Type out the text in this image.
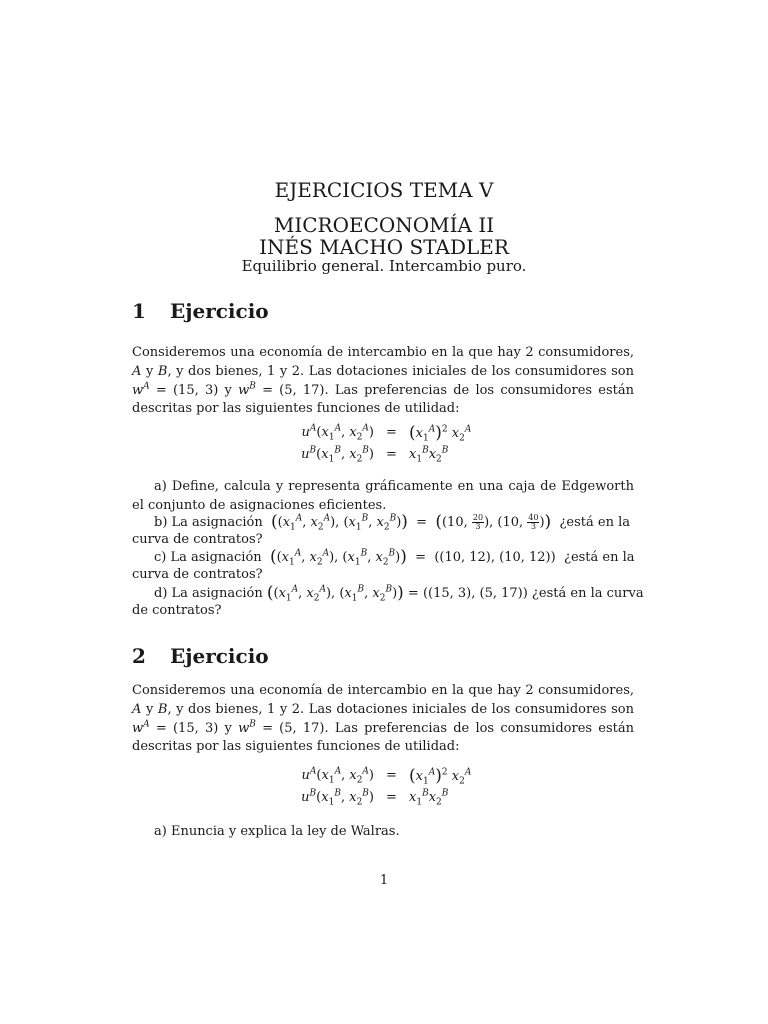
EJERCICIOS TEMA V
MICROECONOMÍA II
INÉS MACHO STADLER
Equilibrio general. Intercambio puro.
1 Ejercicio
Consideremos una economía de intercambio en la que hay 2 consumidores, A y B, y dos bienes, 1 y 2. Las dotaciones iniciales de los consumidores son $w^A = (15$, 3) y $w^B = (5$, 17). Las preferencias de los consumidores están descritas por las siguientes funciones de utilidad:
$u^A(x_1^A$, $x_2^A) = (x_1^A)^2$ $x_2^A$
$u^B(x_1^B$, $x_2^B) = x_1^Bx_2^B$
a) Define, calcula y representa gráficamente en una caja de Edgeworth el conjunto de asignaciones eficientes.
b) La asignación  (($x_1^A$, $x_2^A$), ($x_1^B$, $x_2^B)) = ((10$, $\frac{20}{3}$ ), (10, $\frac{40}{3}$ ))  ¿está en la
curva de contratos?
c) La asignación  (($x_1^A$, $x_2^A$), ($x_1^B$, $x_2^B)) = ((10$, 12), (10, 12))  ¿está en la
curva de contratos?
d) La asignación (($x_1^A$, $x_2^A$), ($x_1^B$, $x_2^B)) = ((15$, 3), (5, 17)) ¿está en la curva
de contratos?
2 Ejercicio
Consideremos una economía de intercambio en la que hay 2 consumidores, A y B, y dos bienes, 1 y 2. Las dotaciones iniciales de los consumidores son $w^A = (15$, 3) y $w^B = (5$, 17). Las preferencias de los consumidores están descritas por las siguientes funciones de utilidad:
$u^A(x_1^A$, $x_2^A) = (x_1^A)^2$ $x_2^A$
$u^B(x_1^B$, $x_2^B) = x_1^Bx_2^B$
a) Enuncia y explica la ley de Walras.
1
